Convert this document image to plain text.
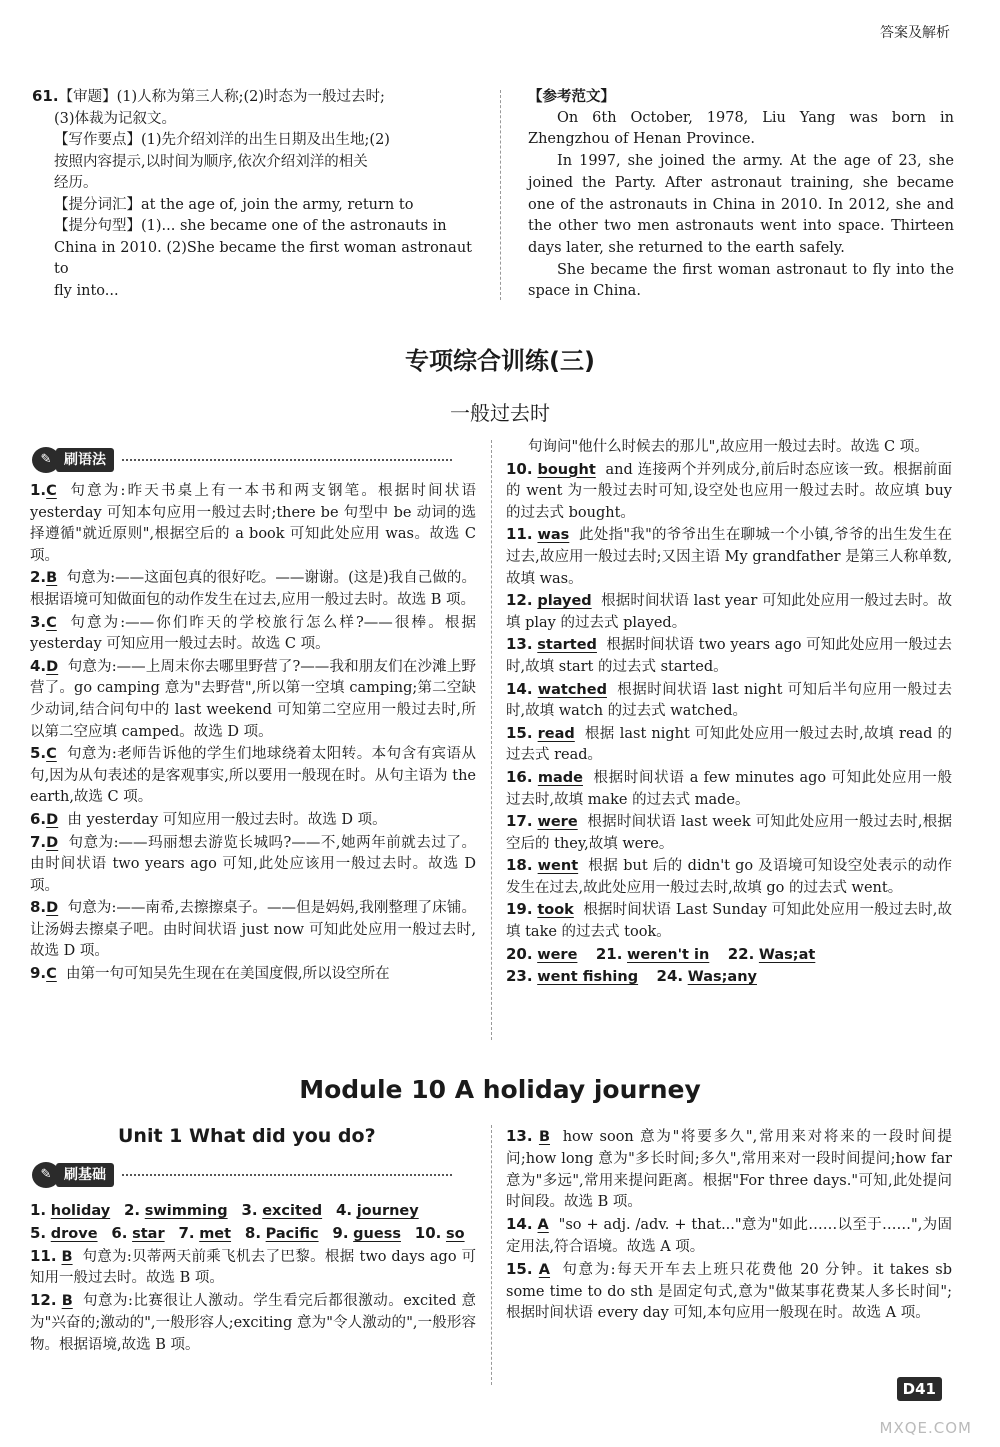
答案及解析
61.【审题】(1)人称为第三人称;(2)时态为一般过去时;
(3)体裁为记叙文。
【写作要点】(1)先介绍刘洋的出生日期及出生地;(2)
按照内容提示,以时间为顺序,依次介绍刘洋的相关
经历。
【提分词汇】at the age of, join the army, return to
【提分句型】(1)... she became one of the astronauts in
China in 2010. (2)She became the first woman astronaut to
fly into...
【参考范文】
On 6th October, 1978, Liu Yang was born in Zhengzhou of Henan Province.
In 1997, she joined the army. At the age of 23, she joined the Party. After astronaut training, she became one of the astronauts in China in 2010. In 2012, she and the other two men astronauts went into space. Thirteen days later, she returned to the earth safely.
She became the first woman astronaut to fly into the space in China.
专项综合训练(三)
一般过去时
✎ 刷语法
1.C 句意为:昨天书桌上有一本书和两支钢笔。根据时间状语 yesterday 可知本句应用一般过去时;there be 句型中 be 动词的选择遵循"就近原则",根据空后的 a book 可知此处应用 was。故选 C 项。
2.B 句意为:——这面包真的很好吃。——谢谢。(这是)我自己做的。根据语境可知做面包的动作发生在过去,应用一般过去时。故选 B 项。
3.C 句意为:——你们昨天的学校旅行怎么样?——很棒。根据 yesterday 可知应用一般过去时。故选 C 项。
4.D 句意为:——上周末你去哪里野营了?——我和朋友们在沙滩上野营了。go camping 意为"去野营",所以第一空填 camping;第二空缺少动词,结合问句中的 last weekend 可知第二空应用一般过去时,所以第二空应填 camped。故选 D 项。
5.C 句意为:老师告诉他的学生们地球绕着太阳转。本句含有宾语从句,因为从句表述的是客观事实,所以要用一般现在时。从句主语为 the earth,故选 C 项。
6.D 由 yesterday 可知应用一般过去时。故选 D 项。
7.D 句意为:——玛丽想去游览长城吗?——不,她两年前就去过了。由时间状语 two years ago 可知,此处应该用一般过去时。故选 D 项。
8.D 句意为:——南希,去擦擦桌子。——但是妈妈,我刚整理了床铺。让汤姆去擦桌子吧。由时间状语 just now 可知此处应用一般过去时,故选 D 项。
9.C 由第一句可知吴先生现在在美国度假,所以设空所在
句询问"他什么时候去的那儿",故应用一般过去时。故选 C 项。
10. bought and 连接两个并列成分,前后时态应该一致。根据前面的 went 为一般过去时可知,设空处也应用一般过去时。故应填 buy 的过去式 bought。
11. was 此处指"我"的爷爷出生在聊城一个小镇,爷爷的出生发生在过去,故应用一般过去时;又因主语 My grandfather 是第三人称单数,故填 was。
12. played 根据时间状语 last year 可知此处应用一般过去时。故填 play 的过去式 played。
13. started 根据时间状语 two years ago 可知此处应用一般过去时,故填 start 的过去式 started。
14. watched 根据时间状语 last night 可知后半句应用一般过去时,故填 watch 的过去式 watched。
15. read 根据 last night 可知此处应用一般过去时,故填 read 的过去式 read。
16. made 根据时间状语 a few minutes ago 可知此处应用一般过去时,故填 make 的过去式 made。
17. were 根据时间状语 last week 可知此处应用一般过去时,根据空后的 they,故填 were。
18. went 根据 but 后的 didn't go 及语境可知设空处表示的动作发生在过去,故此处应用一般过去时,故填 go 的过去式 went。
19. took 根据时间状语 Last Sunday 可知此处应用一般过去时,故填 take 的过去式 took。
20. were 21. weren't in 22. Was;at
23. went fishing 24. Was;any
Module 10 A holiday journey
Unit 1 What did you do?
✎ 刷基础
1. holiday 2. swimming 3. excited 4. journey
5. drove 6. star 7. met 8. Pacific 9. guess 10. so
11. B 句意为:贝蒂两天前乘飞机去了巴黎。根据 two days ago 可知用一般过去时。故选 B 项。
12. B 句意为:比赛很让人激动。学生看完后都很激动。excited 意为"兴奋的;激动的",一般形容人;exciting 意为"令人激动的",一般形容物。根据语境,故选 B 项。
13. B how soon 意为"将要多久",常用来对将来的一段时间提问;how long 意为"多长时间;多久",常用来对一段时间提问;how far 意为"多远",常用来提问距离。根据"For three days."可知,此处提问时间段。故选 B 项。
14. A "so + adj. /adv. + that..."意为"如此……以至于……",为固定用法,符合语境。故选 A 项。
15. A 句意为:每天开车去上班只花费他 20 分钟。it takes sb some time to do sth 是固定句式,意为"做某事花费某人多长时间";根据时间状语 every day 可知,本句应用一般现在时。故选 A 项。
MXQE.COM
D41
